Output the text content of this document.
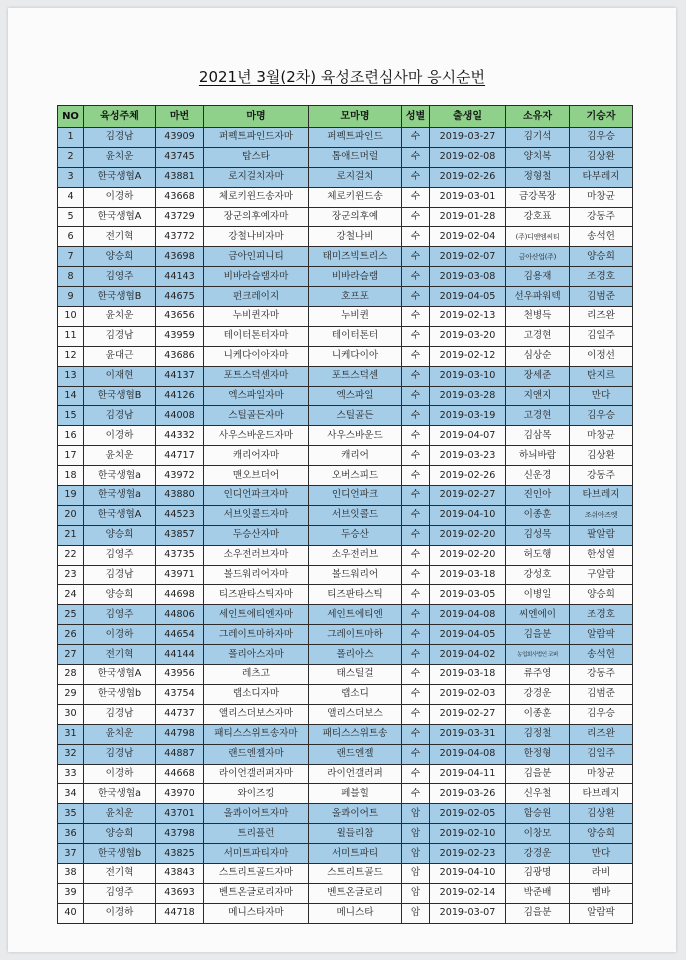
2021년 3월(2차) 육성조련심사마 응시순번
NO	육성주체	마번	마명	모마명	성별	출생일	소유자	기승자
1	김경남	43909	퍼펙트파인드자마	퍼펙트파인드	수	2019-03-27	김기석	김우승
2	윤치운	43745	탑스타	톱애드머럴	수	2019-02-08	양치복	김상환
3	한국생협A	43881	로지걸치자마	로지걸치	수	2019-02-26	정형철	타부레지
4	이경하	43668	체로키윈드송자마	체로키윈드송	수	2019-03-01	금강목장	마창균
5	한국생협A	43729	장군의후예자마	장군의후예	수	2019-01-28	강호표	강동주
6	전기혁	43772	강철나비자마	강철나비	수	2019-02-04	(주)디앤엠씨티	송석헌
7	양승희	43698	금아인피니티	태미즈빅트리스	수	2019-02-07	금아산업(주)	양승희
8	김영주	44143	비바라슬램자마	비바라슬램	수	2019-03-08	김용재	조경호
9	한국생협B	44675	펀크레이지	호프포	수	2019-04-05	선우파워텍	김범준
10	윤치운	43656	누비퀸자마	누비퀸	수	2019-02-13	천병득	리즈완
11	김경남	43959	테이터톤터자마	테이터톤터	수	2019-03-20	고경현	김일주
12	윤대근	43686	니케다이아자마	니케다이아	수	2019-02-12	심상순	이정선
13	이재현	44137	포트스덕센자마	포트스덕센	수	2019-03-10	장세준	탄지르
14	한국생협B	44126	엑스파일자마	엑스파일	수	2019-03-28	지앤지	만다
15	김경남	44008	스틸골든자마	스틸골든	수	2019-03-19	고경현	김우승
16	이경하	44332	사우스바운드자마	사우스바운드	수	2019-04-07	김삼목	마창균
17	윤치운	44717	캐리어자마	캐리어	수	2019-03-23	하늬바람	김상환
18	한국생협a	43972	맨오브더어	오버스피드	수	2019-02-26	신운경	강동주
19	한국생협a	43880	인디언파크자마	인디언파크	수	2019-02-27	진인아	타브레지
20	한국생협A	44523	서브잇콜드자마	서브잇콜드	수	2019-04-10	이종훈	조쉬아즈엣
21	양승희	43857	두승산자마	두승산	수	2019-02-20	김성묵	팔알람
22	김영주	43735	소우전러브자마	소우전러브	수	2019-02-20	허도행	한성열
23	김경남	43971	볼드워리어자마	볼드워리어	수	2019-03-18	강성호	구알람
24	양승희	44698	티즈판타스틱자마	티즈판타스틱	수	2019-03-05	이병일	양승희
25	김영주	44806	세인트에티엔자마	세인트에티엔	수	2019-04-08	씨엔에이	조경호
26	이경하	44654	그레이트마하자마	그레이트마하	수	2019-04-05	김을분	알람팍
27	전기혁	44144	폴리아스자마	폴리아스	수	2019-04-02	농업회사법인 코퍼	송석헌
28	한국생협A	43956	레츠고	태스틸걸	수	2019-03-18	류주영	강동주
29	한국생협b	43754	랩소디자마	랩소디	수	2019-02-03	강경운	김범준
30	김경남	44737	앨리스더보스자마	앨리스더보스	수	2019-02-27	이종훈	김우승
31	윤치운	44798	패티스스위트송자마	패티스스위트송	수	2019-03-31	김정철	리즈완
32	김경남	44887	랜드엔젤자마	랜드엔젤	수	2019-04-08	한정형	김일주
33	이경하	44668	라이언갤러퍼자마	라이언갤러퍼	수	2019-04-11	김을분	마창균
34	한국생협a	43970	와이즈킹	페블힐	수	2019-03-26	신우철	타브레지
35	윤치운	43701	올콰이어트자마	올콰이어트	암	2019-02-05	함승원	김상환
36	양승희	43798	트리플런	윌들리참	암	2019-02-10	이창모	양승희
37	한국생협b	43825	서미트파티자마	서미트파티	암	2019-02-23	강경운	만다
38	전기혁	43843	스트리트골드자마	스트리트골드	암	2019-04-10	김광명	라비
39	김영주	43693	벤트온글로리자마	벤트온글로리	암	2019-02-14	박준배	벰바
40	이경하	44718	메니스타자마	메니스타	암	2019-03-07	김을분	알람팍
